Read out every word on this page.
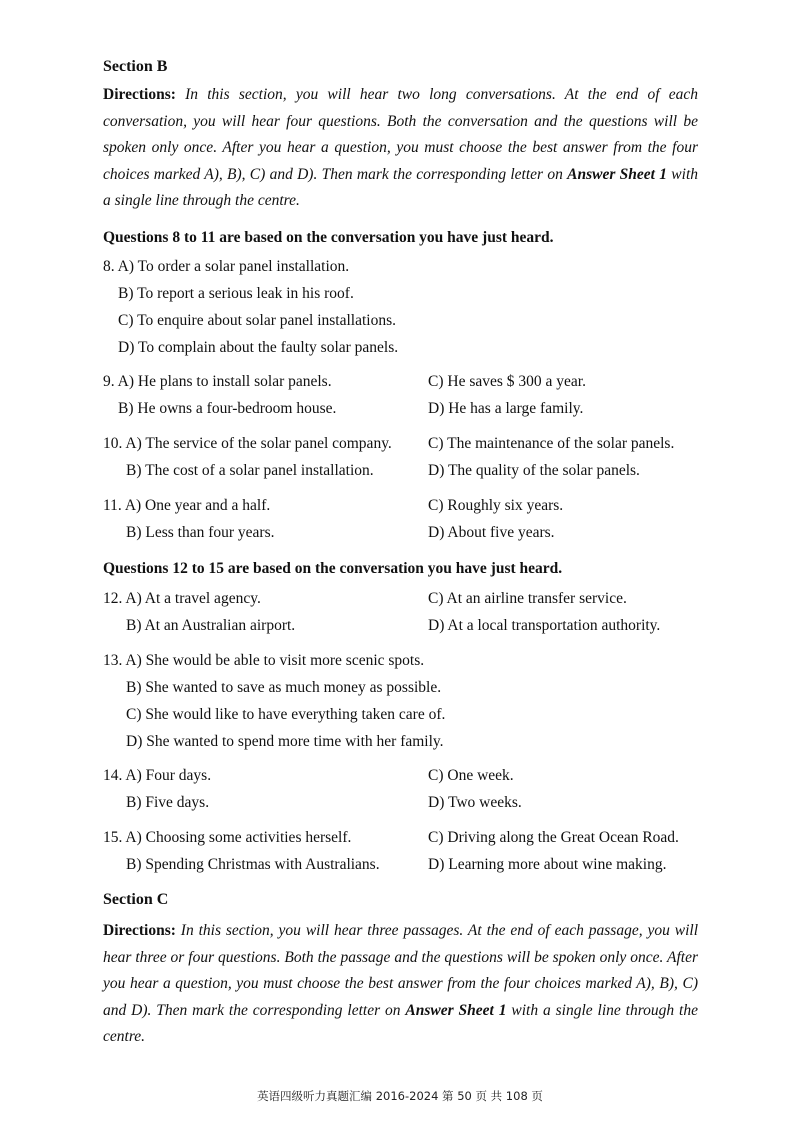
Section B
Directions: In this section, you will hear two long conversations. At the end of each conversation, you will hear four questions. Both the conversation and the questions will be spoken only once. After you hear a question, you must choose the best answer from the four choices marked A), B), C) and D). Then mark the corresponding letter on Answer Sheet 1 with a single line through the centre.
Questions 8 to 11 are based on the conversation you have just heard.
8. A) To order a solar panel installation.
B) To report a serious leak in his roof.
C) To enquire about solar panel installations.
D) To complain about the faulty solar panels.
9. A) He plans to install solar panels.
B) He owns a four-bedroom house.
C) He saves $ 300 a year.
D) He has a large family.
10. A) The service of the solar panel company.
B) The cost of a solar panel installation.
C) The maintenance of the solar panels.
D) The quality of the solar panels.
11. A) One year and a half.
B) Less than four years.
C) Roughly six years.
D) About five years.
Questions 12 to 15 are based on the conversation you have just heard.
12. A) At a travel agency.
B) At an Australian airport.
C) At an airline transfer service.
D) At a local transportation authority.
13. A) She would be able to visit more scenic spots.
B) She wanted to save as much money as possible.
C) She would like to have everything taken care of.
D) She wanted to spend more time with her family.
14. A) Four days.
B) Five days.
C) One week.
D) Two weeks.
15. A) Choosing some activities herself.
B) Spending Christmas with Australians.
C) Driving along the Great Ocean Road.
D) Learning more about wine making.
Section C
Directions: In this section, you will hear three passages. At the end of each passage, you will hear three or four questions. Both the passage and the questions will be spoken only once. After you hear a question, you must choose the best answer from the four choices marked A), B), C) and D). Then mark the corresponding letter on Answer Sheet 1 with a single line through the centre.
英语四级听力真题汇编 2016-2024 第 50 页 共 108 页
